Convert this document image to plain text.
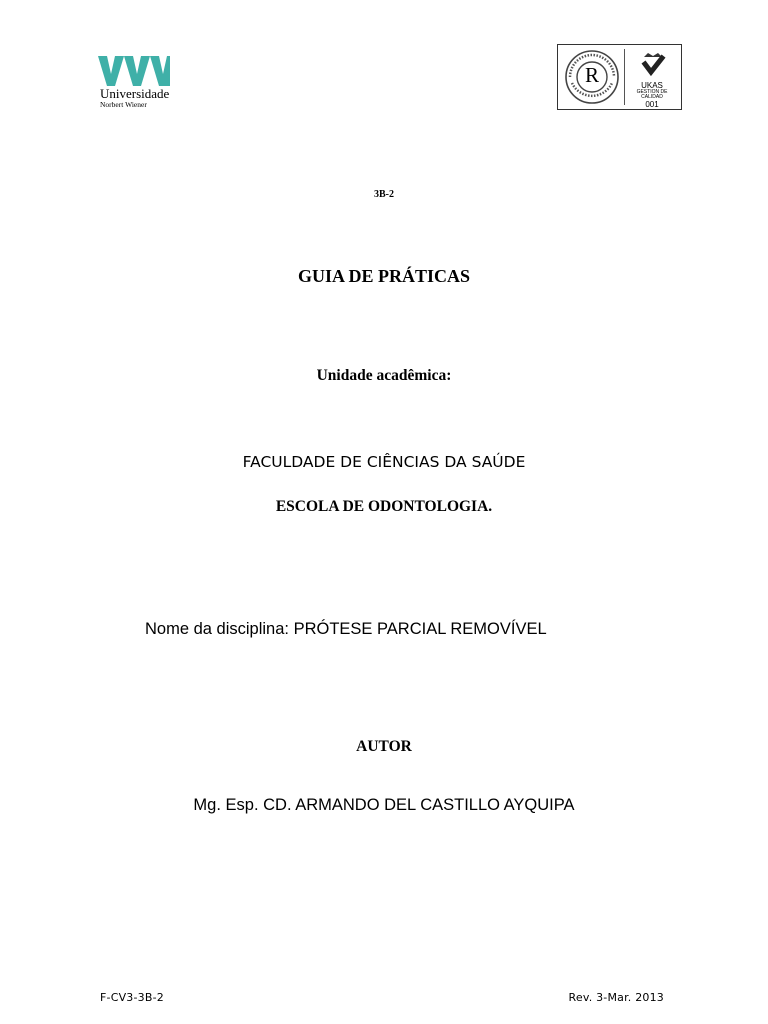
Universidade
Norbert Wiener
R	UKAS
GESTION DE
CALIDAD
001
3B-2
GUIA DE PRÁTICAS
Unidade acadêmica:
FACULDADE DE CIÊNCIAS DA SAÚDE
ESCOLA DE ODONTOLOGIA.
Nome da disciplina: PRÓTESE PARCIAL REMOVÍVEL
AUTOR
Mg. Esp. CD. ARMANDO DEL CASTILLO AYQUIPA
F-CV3-3B-2	Rev. 3-Mar. 2013
